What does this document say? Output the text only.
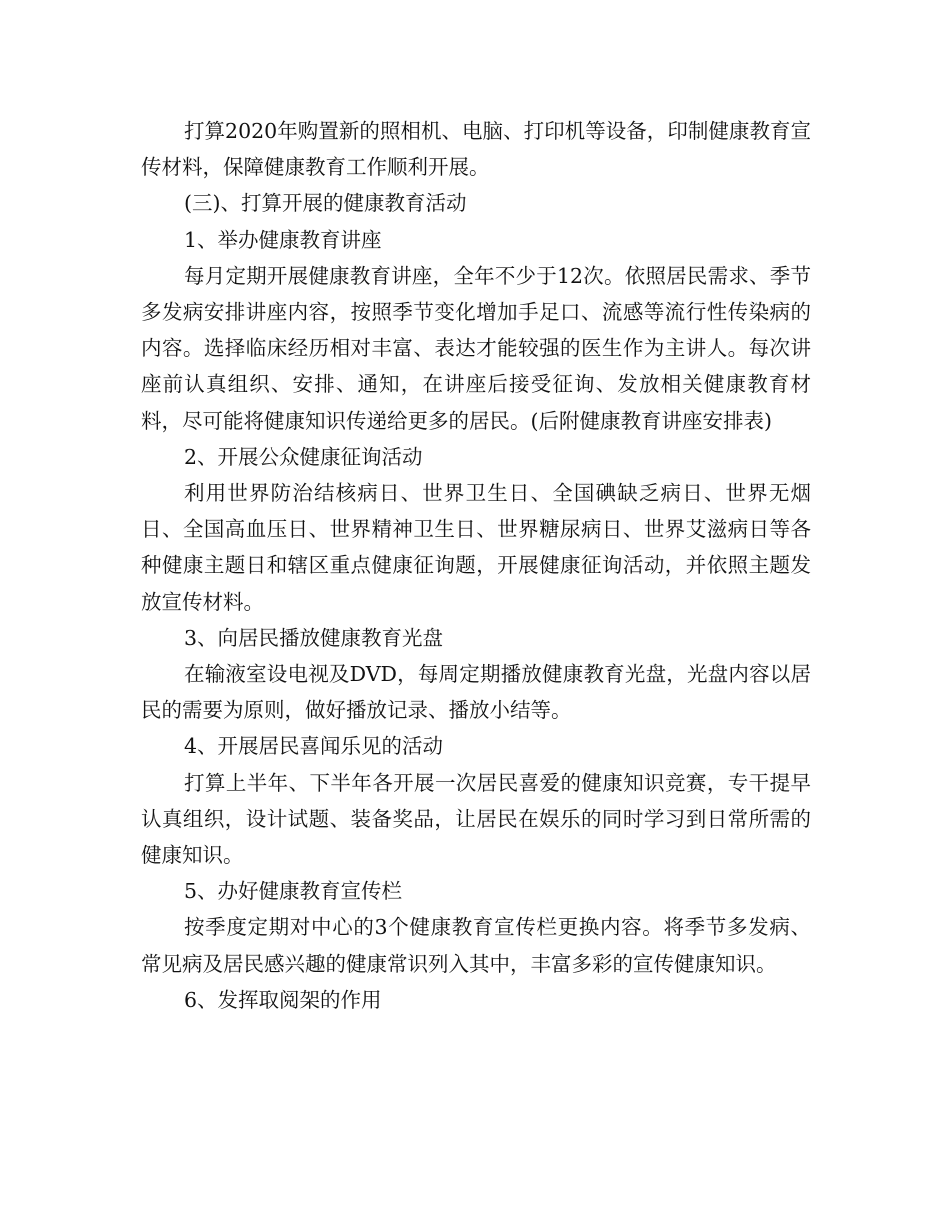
打算2020年购置新的照相机、电脑、打印机等设备，印制健康教育宣传材料，保障健康教育工作顺利开展。

(三)、打算开展的健康教育活动

1、举办健康教育讲座

每月定期开展健康教育讲座，全年不少于12次。依照居民需求、季节多发病安排讲座内容，按照季节变化增加手足口、流感等流行性传染病的内容。选择临床经历相对丰富、表达才能较强的医生作为主讲人。每次讲座前认真组织、安排、通知，在讲座后接受征询、发放相关健康教育材料，尽可能将健康知识传递给更多的居民。(后附健康教育讲座安排表)

2、开展公众健康征询活动

利用世界防治结核病日、世界卫生日、全国碘缺乏病日、世界无烟日、全国高血压日、世界精神卫生日、世界糖尿病日、世界艾滋病日等各种健康主题日和辖区重点健康征询题，开展健康征询活动，并依照主题发放宣传材料。

3、向居民播放健康教育光盘

在输液室设电视及DVD，每周定期播放健康教育光盘，光盘内容以居民的需要为原则，做好播放记录、播放小结等。

4、开展居民喜闻乐见的活动

打算上半年、下半年各开展一次居民喜爱的健康知识竞赛，专干提早认真组织，设计试题、装备奖品，让居民在娱乐的同时学习到日常所需的健康知识。

5、办好健康教育宣传栏

按季度定期对中心的3个健康教育宣传栏更换内容。将季节多发病、常见病及居民感兴趣的健康常识列入其中，丰富多彩的宣传健康知识。

6、发挥取阅架的作用
